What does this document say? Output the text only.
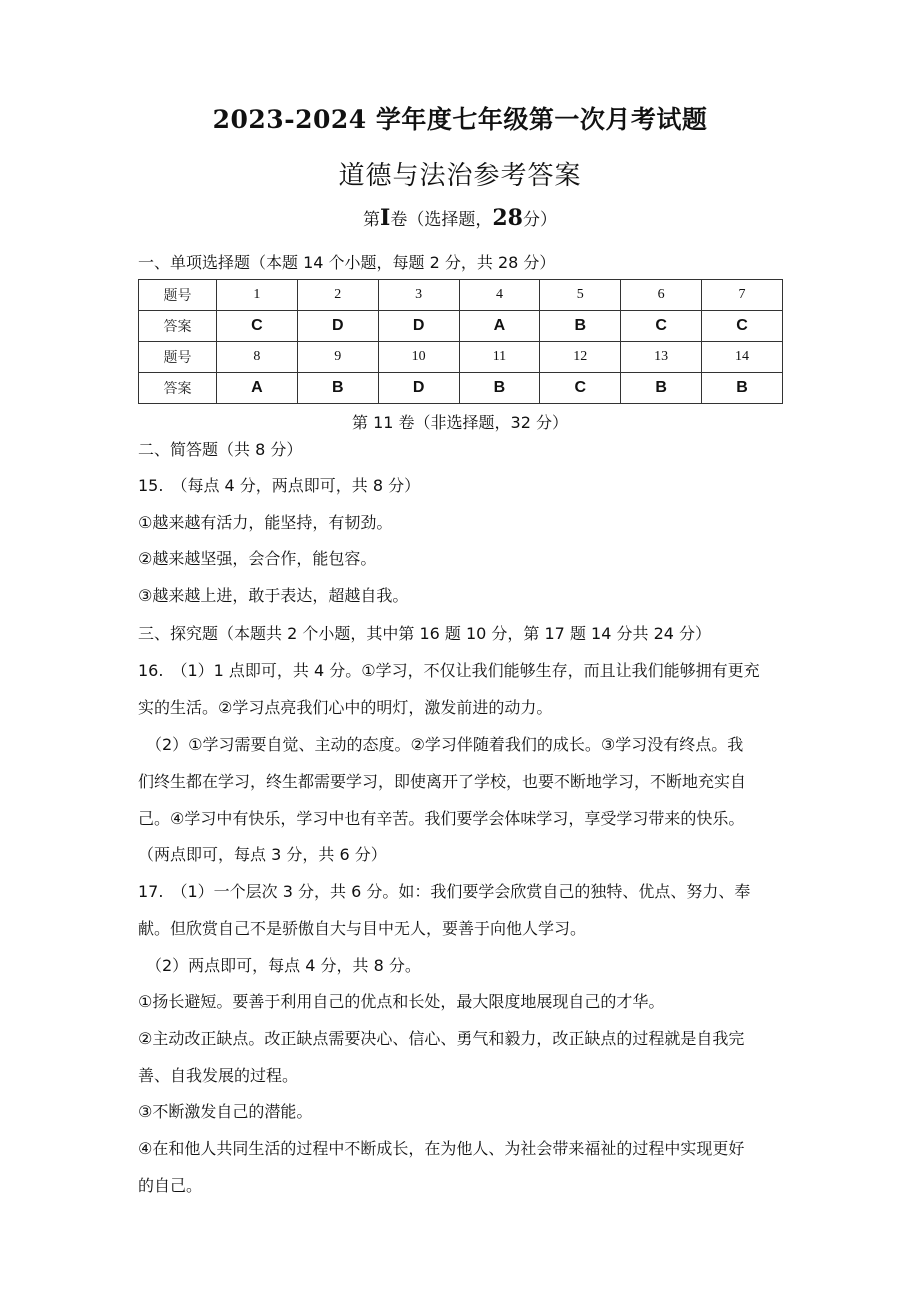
2023-2024 学年度七年级第一次月考试题
道德与法治参考答案
第I卷（选择题，28分）
一、单项选择题（本题 14 个小题，每题 2 分，共 28 分）
题号	1	2	3	4	5	6	7
答案	C	D	D	A	B	C	C
题号	8	9	10	11	12	13	14
答案	A	B	D	B	C	B	B
第 11 卷（非选择题，32 分）
二、简答题（共 8 分）
15.　（每点 4 分，两点即可，共 8 分）
①越来越有活力，能坚持，有韧劲。
②越来越坚强，会合作，能包容。
③越来越上进，敢于表达，超越自我。
三、探究题（本题共 2 个小题，其中第 16 题 10 分，第 17 题 14 分共 24 分）
16.　（1）1 点即可，共 4 分。①学习，不仅让我们能够生存，而且让我们能够拥有更充
实的生活。②学习点亮我们心中的明灯，激发前进的动力。
　（2）①学习需要自觉、主动的态度。②学习伴随着我们的成长。③学习没有终点。我
们终生都在学习，终生都需要学习，即使离开了学校，也要不断地学习，不断地充实自
己。④学习中有快乐，学习中也有辛苦。我们要学会体味学习，享受学习带来的快乐。
（两点即可，每点 3 分，共 6 分）
17.　（1）一个层次 3 分，共 6 分。如：我们要学会欣赏自己的独特、优点、努力、奉
献。但欣赏自己不是骄傲自大与目中无人，要善于向他人学习。
　（2）两点即可，每点 4 分，共 8 分。
①扬长避短。要善于利用自己的优点和长处，最大限度地展现自己的才华。
②主动改正缺点。改正缺点需要决心、信心、勇气和毅力，改正缺点的过程就是自我完
善、自我发展的过程。
③不断激发自己的潜能。
④在和他人共同生活的过程中不断成长，在为他人、为社会带来福祉的过程中实现更好
的自己。
